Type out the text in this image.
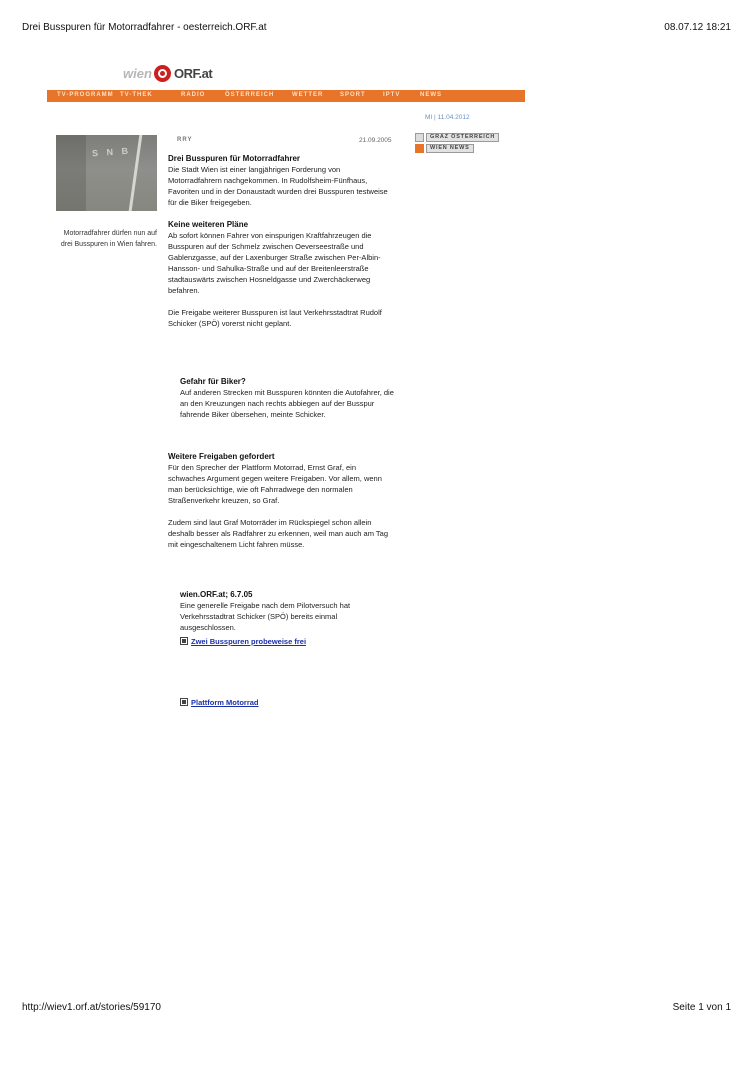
Drei Busspuren für Motorradfahrer - oesterreich.ORF.at	08.07.12 18:21
wien ORF.at
TV-PROGRAMM TV-THEK	RADIO	ÖSTERREICH	WETTER	SPORT	IPTV	NEWS
MI | 11.04.2012
S N B
Motorradfahrer dürfen nun auf drei Busspuren in Wien fahren.
RRY	21.09.2005	GRAZ ÖSTERREICH
WIEN NEWS
Drei Busspuren für Motorradfahrer

Die Stadt Wien ist einer langjährigen Forderung von Motorradfahrern nachgekommen. In Rudolfsheim-Fünfhaus, Favoriten und in der Donaustadt wurden drei Busspuren testweise für die Biker freigegeben.

Keine weiteren Pläne

Ab sofort können Fahrer von einspurigen Kraftfahrzeugen die Busspuren auf der Schmelz zwischen Oeverseestraße und Gablenzgasse, auf der Laxenburger Straße zwischen Per-Albin-Hansson- und Sahulka-Straße und auf der Breitenleerstraße stadtauswärts zwischen Hosneldgasse und Zwerchäckerweg befahren.

Die Freigabe weiterer Busspuren ist laut Verkehrsstadtrat Rudolf Schicker (SPÖ) vorerst nicht geplant.

Gefahr für Biker?

Auf anderen Strecken mit Busspuren könnten die Autofahrer, die an den Kreuzungen nach rechts abbiegen auf der Busspur fahrende Biker übersehen, meinte Schicker.

Weitere Freigaben gefordert

Für den Sprecher der Plattform Motorrad, Ernst Graf, ein schwaches Argument gegen weitere Freigaben. Vor allem, wenn man berücksichtige, wie oft Fahrradwege den normalen Straßenverkehr kreuzen, so Graf.

Zudem sind laut Graf Motorräder im Rückspiegel schon allein deshalb besser als Radfahrer zu erkennen, weil man auch am Tag mit eingeschaltenem Licht fahren müsse.

wien.ORF.at; 6.7.05

Eine generelle Freigabe nach dem Pilotversuch hat Verkehrsstadtrat Schicker (SPÖ) bereits einmal ausgeschlossen.

Zwei Busspuren probeweise frei
Plattform Motorrad
http://wiev1.orf.at/stories/59170	Seite 1 von 1
